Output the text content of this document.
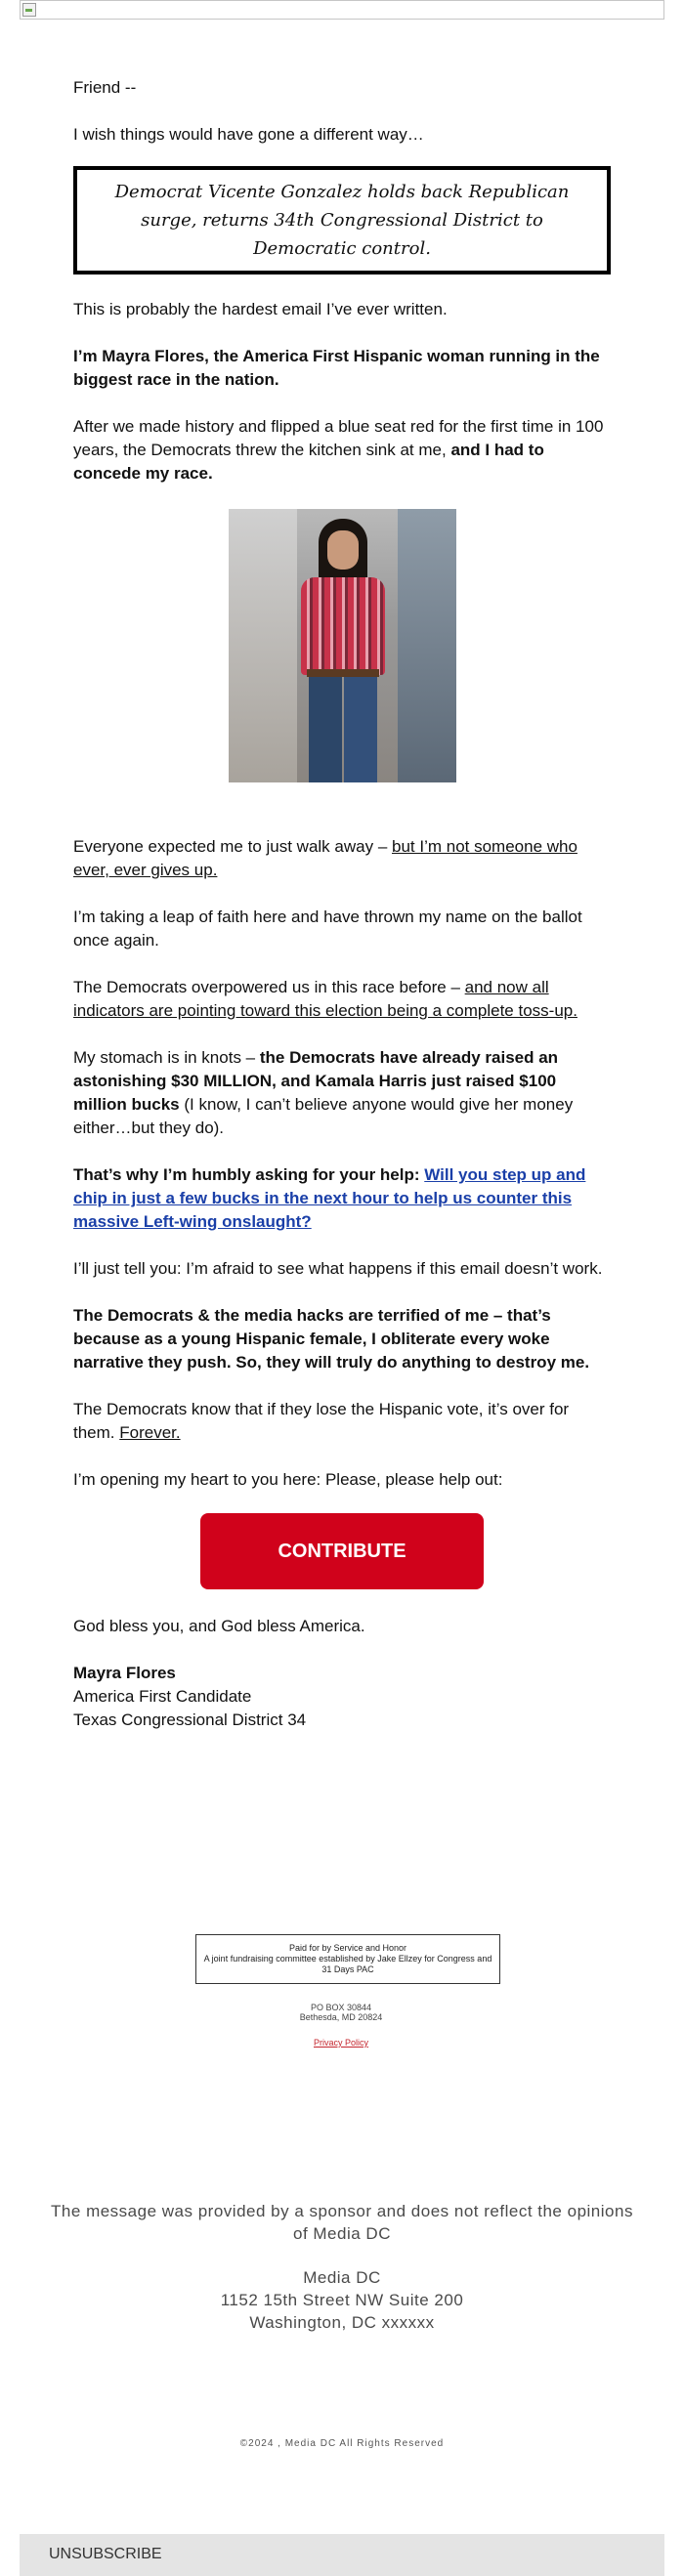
Friend --

I wish things would have gone a different way…

Democrat Vicente Gonzalez holds back Republican surge, returns 34th Congressional District to Democratic control.

This is probably the hardest email I’ve ever written.

I’m Mayra Flores, the America First Hispanic woman running in the biggest race in the nation.

After we made history and flipped a blue seat red for the first time in 100 years, the Democrats threw the kitchen sink at me, and I had to concede my race.

Everyone expected me to just walk away – but I’m not someone who ever, ever gives up.

I’m taking a leap of faith here and have thrown my name on the ballot once again.

The Democrats overpowered us in this race before – and now all indicators are pointing toward this election being a complete toss-up.

My stomach is in knots – the Democrats have already raised an astonishing $30 MILLION, and Kamala Harris just raised $100 million bucks (I know, I can’t believe anyone would give her money either…but they do).

That’s why I’m humbly asking for your help: Will you step up and chip in just a few bucks in the next hour to help us counter this massive Left-wing onslaught?

I’ll just tell you: I’m afraid to see what happens if this email doesn’t work.

The Democrats & the media hacks are terrified of me – that’s because as a young Hispanic female, I obliterate every woke narrative they push. So, they will truly do anything to destroy me.

The Democrats know that if they lose the Hispanic vote, it’s over for them. Forever.

I’m opening my heart to you here: Please, please help out:

CONTRIBUTE

God bless you, and God bless America.

Mayra Flores

America First Candidate

Texas Congressional District 34

Paid for by Service and Honor
A joint fundraising committee established by Jake Ellzey for Congress and 31 Days PAC
PO BOX 30844
Bethesda, MD 20824
Privacy Policy
The message was provided by a sponsor and does not reflect the opinions of Media DC
Media DC
1152 15th Street NW Suite 200
Washington, DC xxxxxx
©2024 , Media DC All Rights Reserved
UNSUBSCRIBE
